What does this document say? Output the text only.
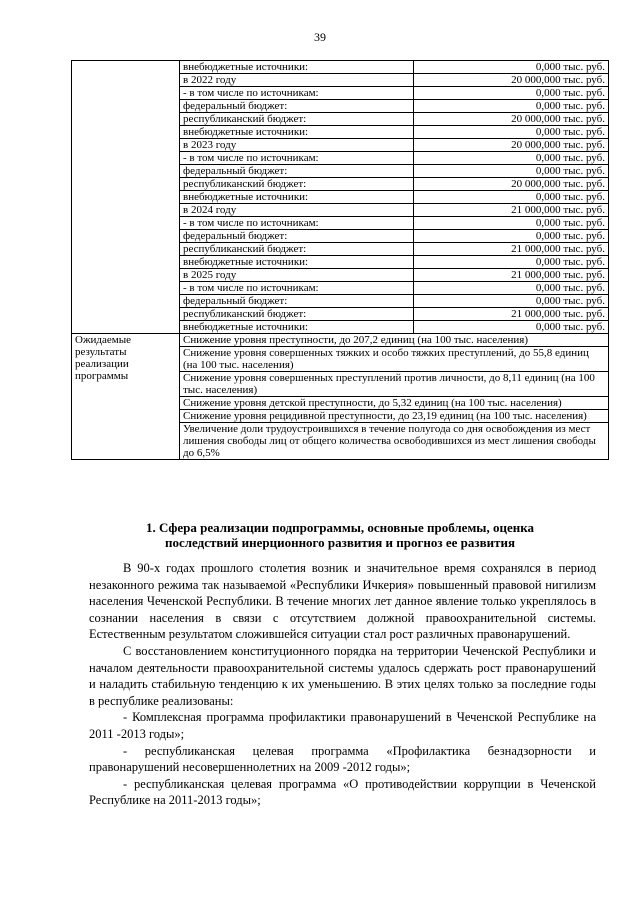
39
	внебюджетные источники:	0,000 тыс. руб.
	в 2022 году	20 000,000 тыс. руб.
	- в том числе по источникам:	0,000 тыс. руб.
	федеральный бюджет:	0,000 тыс. руб.
	республиканский бюджет:	20 000,000 тыс. руб.
	внебюджетные источники:	0,000 тыс. руб.
	в 2023 году	20 000,000 тыс. руб.
	- в том числе по источникам:	0,000 тыс. руб.
	федеральный бюджет:	0,000 тыс. руб.
	республиканский бюджет:	20 000,000 тыс. руб.
	внебюджетные источники:	0,000 тыс. руб.
	в 2024 году	21 000,000 тыс. руб.
	- в том числе по источникам:	0,000 тыс. руб.
	федеральный бюджет:	0,000 тыс. руб.
	республиканский бюджет:	21 000,000 тыс. руб.
	внебюджетные источники:	0,000 тыс. руб.
	в 2025 году	21 000,000 тыс. руб.
	- в том числе по источникам:	0,000 тыс. руб.
	федеральный бюджет:	0,000 тыс. руб.
	республиканский бюджет:	21 000,000 тыс. руб.
	внебюджетные источники:	0,000 тыс. руб.
Ожидаемые результаты реализации программы	Снижение уровня преступности, до 207,2 единиц (на 100 тыс. населения)	
	Снижение уровня совершенных тяжких и особо тяжких преступлений, до 55,8 единиц (на 100 тыс. населения)	
	Снижение уровня совершенных преступлений против личности, до 8,11 единиц (на 100 тыс. населения)	
	Снижение уровня детской преступности, до 5,32 единиц (на 100 тыс. населения)	
	Снижение уровня рецидивной преступности, до 23,19 единиц (на 100 тыс. населения)	
	Увеличение доли трудоустроившихся в течение полугода со дня освобождения из мест лишения свободы лиц от общего количества освободившихся из мест лишения свободы до 6,5%	
1. Сфера реализации подпрограммы, основные проблемы, оценка
последствий инерционного развития и прогноз ее развития

В 90-х годах прошлого столетия возник и значительное время сохранялся в период незаконного режима так называемой «Республики Ичкерия» повышенный правовой нигилизм населения Чеченской Республики. В течение многих лет данное явление только укреплялось в сознании населения в связи с отсутствием должной правоохранительной системы. Естественным результатом сложившейся ситуации стал рост различных правонарушений.

С восстановлением конституционного порядка на территории Чеченской Республики и началом деятельности правоохранительной системы удалось сдержать рост правонарушений и наладить стабильную тенденцию к их уменьшению. В этих целях только за последние годы в республике реализованы:

- Комплексная программа профилактики правонарушений в Чеченской Республике на 2011 -2013 годы»;

- республиканская целевая программа «Профилактика безнадзорности и правонарушений несовершеннолетних на 2009 -2012 годы»;

- республиканская целевая программа «О противодействии коррупции в Чеченской Республике на 2011-2013 годы»;
